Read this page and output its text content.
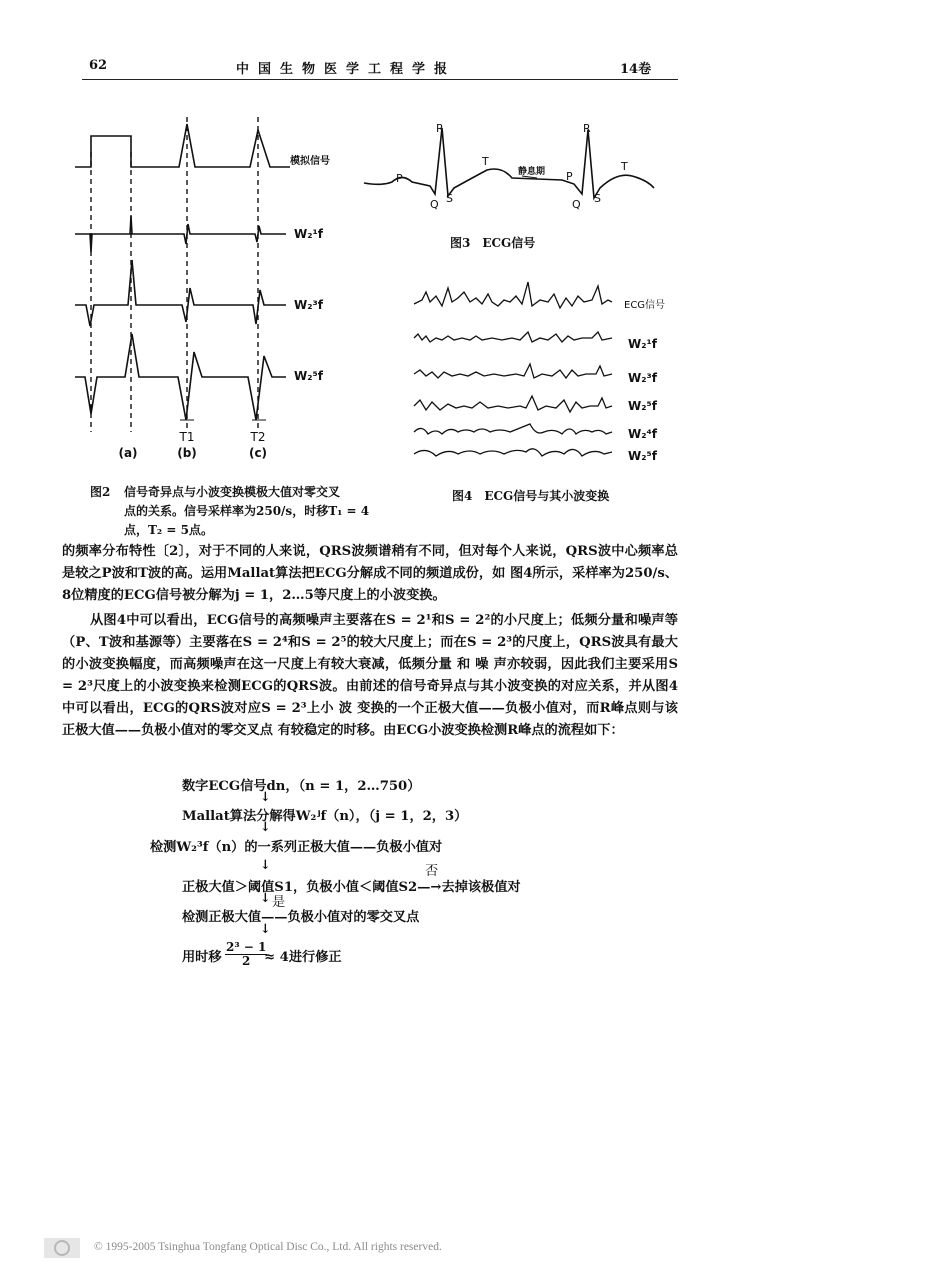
62	中国生物医学工程学报	14卷
模拟信号
W₂¹f
W₂³f
W₂⁵f
T1	T2
(a)	(b)	(c)
图2 信号奇异点与小波变换模极大值对零交叉
点的关系。信号采样率为250/s，时移T₁ = 4点，T₂ = 5点。
R	R
T	T
P	P
Q S	Q S
静息期
图3　ECG信号
ECG信号
W₂¹f
W₂³f
W₂⁵f
W₂⁴f
W₂⁵f
图4　ECG信号与其小波变换
的频率分布特性〔2〕，对于不同的人来说，QRS波频谱稍有不同，但对每个人来说，QRS波中心频率总是较之P波和T波的高。运用Mallat算法把ECG分解成不同的频道成份，如 图4所示，采样率为250/s、8位精度的ECG信号被分解为j = 1，2…5等尺度上的小波变换。
从图4中可以看出，ECG信号的高频噪声主要落在S = 2¹和S = 2²的小尺度上；低频分量和噪声等（P、T波和基源等）主要落在S = 2⁴和S = 2⁵的较大尺度上；而在S = 2³的尺度上，QRS波具有最大的小波变换幅度，而高频噪声在这一尺度上有较大衰减，低频分量 和 噪 声亦较弱，因此我们主要采用S = 2³尺度上的小波变换来检测ECG的QRS波。由前述的信号奇异点与其小波变换的对应关系，并从图4中可以看出，ECG的QRS波对应S = 2³上小 波 变换的一个正极大值——负极小值对，而R峰点则与该正极大值——负极小值对的零交叉点 有较稳定的时移。由ECG小波变换检测R峰点的流程如下：
数字ECG信号dn，（n = 1，2…750）
↓
Mallat算法分解得W₂ʲf（n），（j = 1，2，3）
↓
检测W₂³f（n）的一系列正极大值——负极小值对
↓	否
正极大值＞阈值S1，负极小值＜阈值S2—→去掉该极值对
↓ 是
检测正极大值——负极小值对的零交叉点
↓
用时移 $\frac{\text{2³ − 1}}{2}$
≈ 4进行修正
© 1995-2005 Tsinghua Tongfang Optical Disc Co., Ltd. All rights reserved.
